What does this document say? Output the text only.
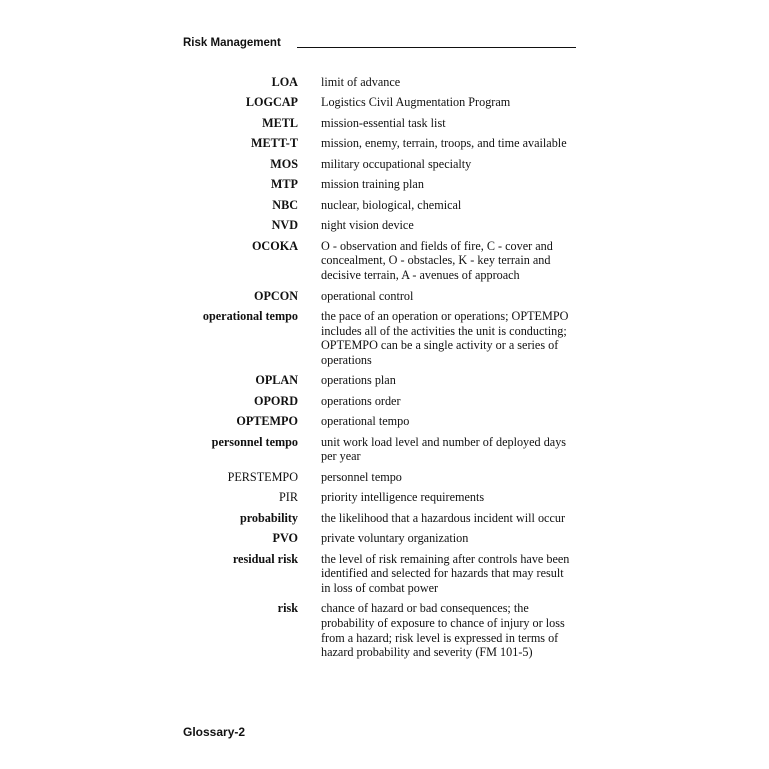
Risk Management
LOA limit of advance
LOGCAP Logistics Civil Augmentation Program
METL mission-essential task list
METT-T mission, enemy, terrain, troops, and time available
MOS military occupational specialty
MTP mission training plan
NBC nuclear, biological, chemical
NVD night vision device
OCOKA O - observation and fields of fire, C - cover and concealment, O - obstacles, K - key terrain and decisive terrain, A - avenues of approach
OPCON operational control
operational tempo the pace of an operation or operations; OPTEMPO includes all of the activities the unit is conducting; OPTEMPO can be a single activity or a series of operations
OPLAN operations plan
OPORD operations order
OPTEMPO operational tempo
personnel tempo unit work load level and number of deployed days per year
PERSTEMPO personnel tempo
PIR priority intelligence requirements
probability the likelihood that a hazardous incident will occur
PVO private voluntary organization
residual risk the level of risk remaining after controls have been identified and selected for hazards that may result in loss of combat power
risk chance of hazard or bad consequences; the probability of exposure to chance of injury or loss from a hazard; risk level is expressed in terms of hazard probability and severity (FM 101-5)
Glossary-2
